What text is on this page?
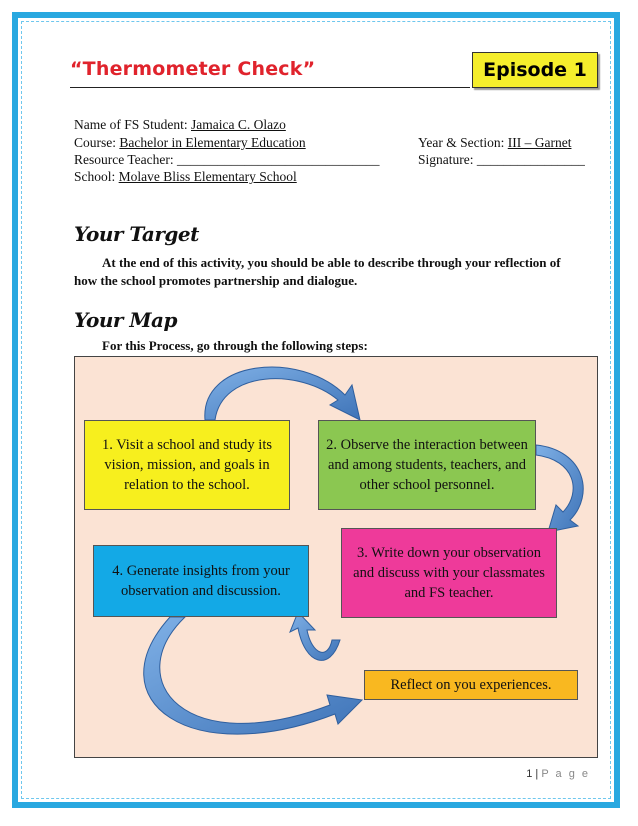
“Thermometer Check”	Episode 1
Name of FS Student: Jamaica C. Olazo
Course: Bachelor in Elementary Education	Year & Section: III – Garnet
Resource Teacher: ______________________________	Signature: ________________
School: Molave Bliss Elementary School
Your Target
At the end of this activity, you should be able to describe through your reflection of how the school promotes partnership and dialogue.
Your Map
For this Process, go through the following steps:
1. Visit a school and study its vision, mission, and goals in relation to the school.
2. Observe the interaction between and among students, teachers, and other school personnel.
3. Write down your observation and discuss with your classmates and FS teacher.
4. Generate insights from your observation and discussion.
Reflect on you experiences.
1 | P a g e
